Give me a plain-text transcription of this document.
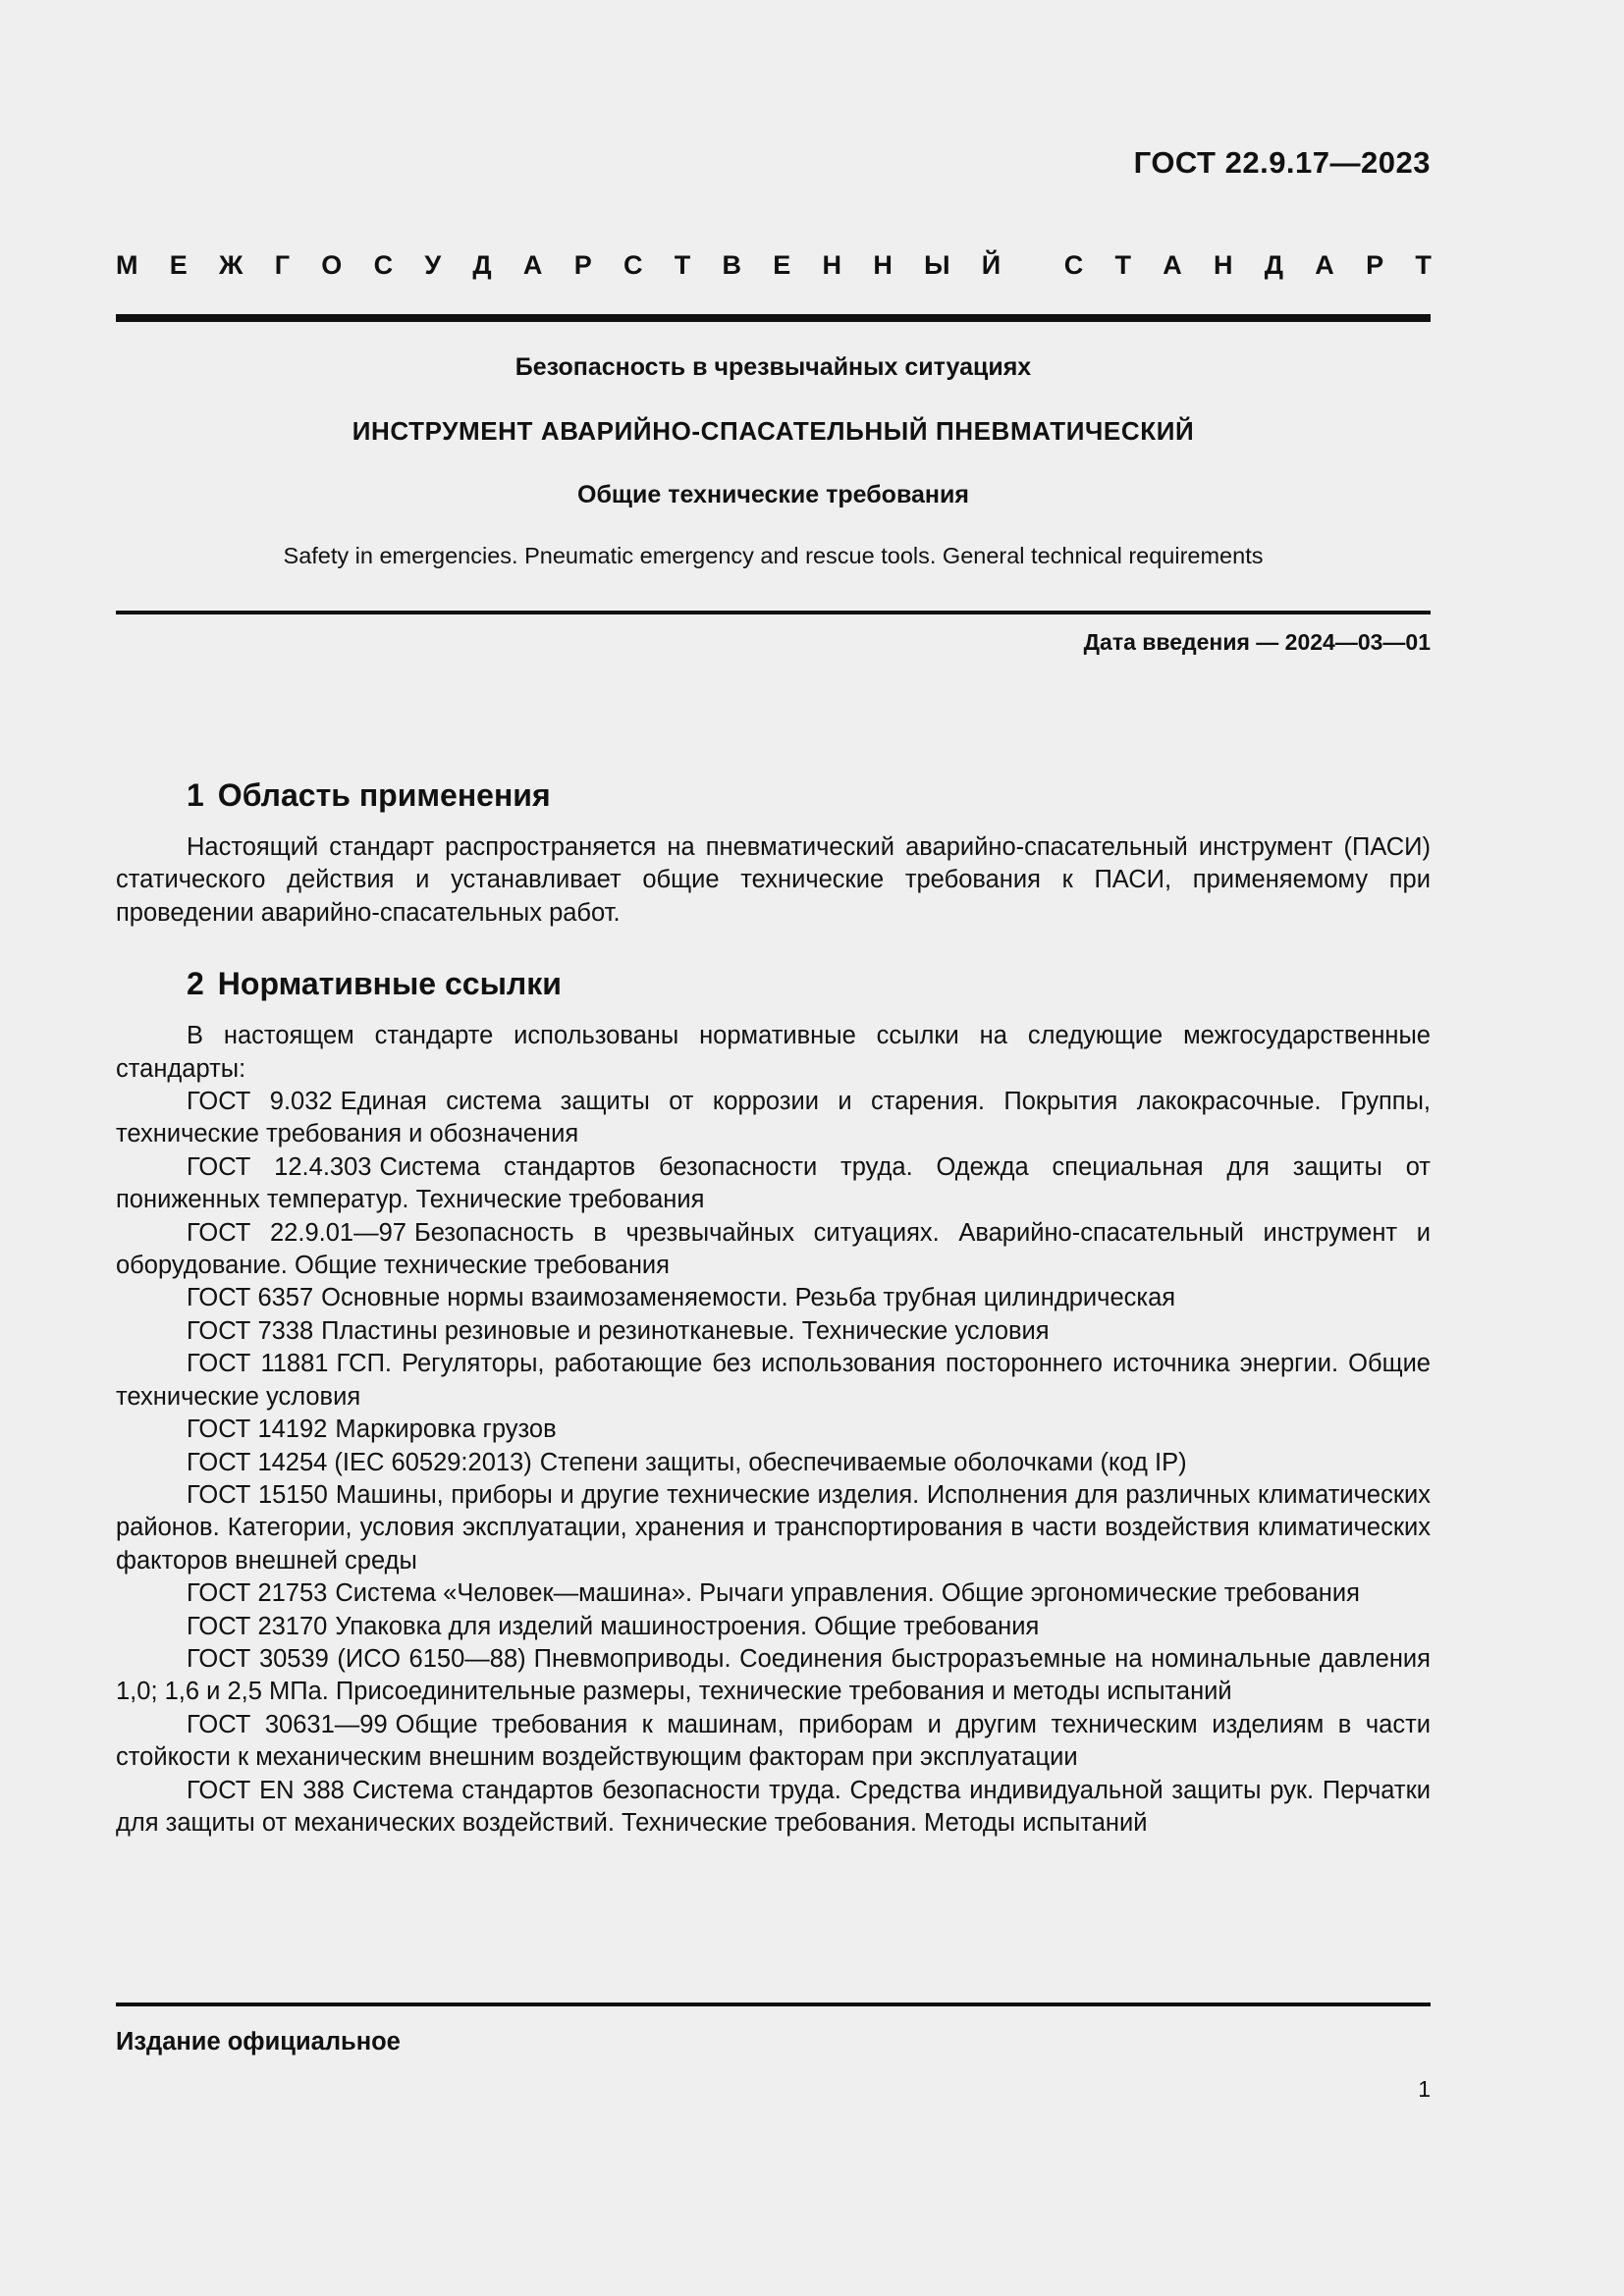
ГОСТ 22.9.17—2023
М Е Ж Г О С У Д А Р С Т В Е Н Н Ы Й С Т А Н Д А Р Т
Безопасность в чрезвычайных ситуациях
ИНСТРУМЕНТ АВАРИЙНО-СПАСАТЕЛЬНЫЙ ПНЕВМАТИЧЕСКИЙ
Общие технические требования
Safety in emergencies. Pneumatic emergency and rescue tools. General technical requirements
Дата введения — 2024—03—01
1 Область применения

Настоящий стандарт распространяется на пневматический аварийно-спасательный инструмент (ПАСИ) статического действия и устанавливает общие технические требования к ПАСИ, применяемому при проведении аварийно-спасательных работ.

2 Нормативные ссылки

В настоящем стандарте использованы нормативные ссылки на следующие межгосударственные стандарты:

ГОСТ 9.032 Единая система защиты от коррозии и старения. Покрытия лакокрасочные. Группы, технические требования и обозначения

ГОСТ 12.4.303 Система стандартов безопасности труда. Одежда специальная для защиты от пониженных температур. Технические требования

ГОСТ 22.9.01—97 Безопасность в чрезвычайных ситуациях. Аварийно-спасательный инструмент и оборудование. Общие технические требования

ГОСТ 6357 Основные нормы взаимозаменяемости. Резьба трубная цилиндрическая

ГОСТ 7338 Пластины резиновые и резинотканевые. Технические условия

ГОСТ 11881 ГСП. Регуляторы, работающие без использования постороннего источника энергии. Общие технические условия

ГОСТ 14192 Маркировка грузов

ГОСТ 14254 (IEC 60529:2013) Степени защиты, обеспечиваемые оболочками (код IP)

ГОСТ 15150 Машины, приборы и другие технические изделия. Исполнения для различных климатических районов. Категории, условия эксплуатации, хранения и транспортирования в части воздействия климатических факторов внешней среды

ГОСТ 21753 Система «Человек—машина». Рычаги управления. Общие эргономические требования

ГОСТ 23170 Упаковка для изделий машиностроения. Общие требования

ГОСТ 30539 (ИСО 6150—88) Пневмоприводы. Соединения быстроразъемные на номинальные давления 1,0; 1,6 и 2,5 МПа. Присоединительные размеры, технические требования и методы испытаний

ГОСТ 30631—99 Общие требования к машинам, приборам и другим техническим изделиям в части стойкости к механическим внешним воздействующим факторам при эксплуатации

ГОСТ EN 388 Система стандартов безопасности труда. Средства индивидуальной защиты рук. Перчатки для защиты от механических воздействий. Технические требования. Методы испытаний

Издание официальное
1
